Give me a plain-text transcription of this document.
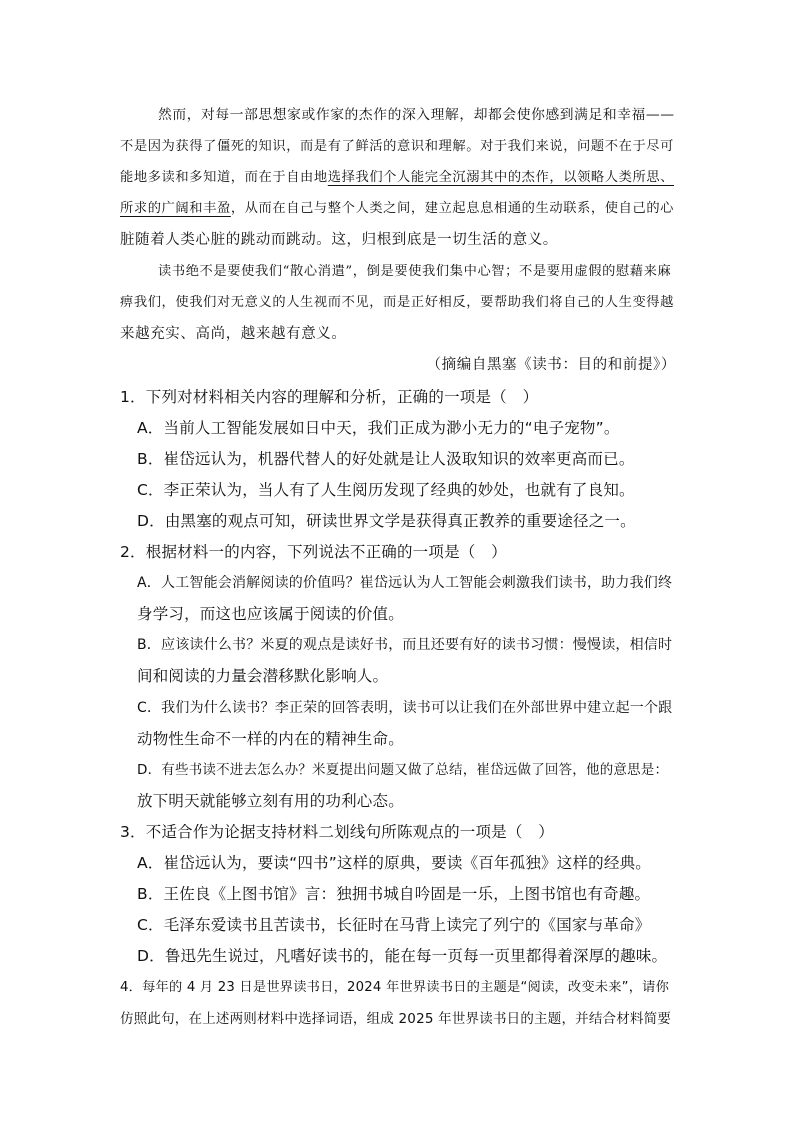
然而，对每一部思想家或作家的杰作的深入理解，却都会使你感到满足和幸福——
不是因为获得了僵死的知识，而是有了鲜活的意识和理解。对于我们来说，问题不在于尽可
能地多读和多知道，而在于自由地选择我们个人能完全沉溺其中的杰作，以领略人类所思、
所求的广阔和丰盈，从而在自己与整个人类之间，建立起息息相通的生动联系，使自己的心
脏随着人类心脏的跳动而跳动。这，归根到底是一切生活的意义。
读书绝不是要使我们“散心消遣”，倒是要使我们集中心智；不是要用虚假的慰藉来麻
痹我们，使我们对无意义的人生视而不见，而是正好相反，要帮助我们将自己的人生变得越
来越充实、高尚，越来越有意义。
（摘编自黑塞《读书：目的和前提》）
1．下列对材料相关内容的理解和分析，正确的一项是（　）
A．当前人工智能发展如日中天，我们正成为渺小无力的“电子宠物”。
B．崔岱远认为，机器代替人的好处就是让人汲取知识的效率更高而已。
C．李正荣认为，当人有了人生阅历发现了经典的妙处，也就有了良知。
D．由黑塞的观点可知，研读世界文学是获得真正教养的重要途径之一。
2．根据材料一的内容，下列说法不正确的一项是（　）
A．人工智能会消解阅读的价值吗？崔岱远认为人工智能会刺激我们读书，助力我们终
身学习，而这也应该属于阅读的价值。
B．应该读什么书？米夏的观点是读好书，而且还要有好的读书习惯：慢慢读，相信时
间和阅读的力量会潜移默化影响人。
C．我们为什么读书？李正荣的回答表明，读书可以让我们在外部世界中建立起一个跟
动物性生命不一样的内在的精神生命。
D．有些书读不进去怎么办？米夏提出问题又做了总结，崔岱远做了回答，他的意思是：
放下明天就能够立刻有用的功利心态。
3．不适合作为论据支持材料二划线句所陈观点的一项是（　）
A．崔岱远认为，要读“四书”这样的原典，要读《百年孤独》这样的经典。
B．王佐良《上图书馆》言：独拥书城自吟固是一乐，上图书馆也有奇趣。
C．毛泽东爱读书且苦读书，长征时在马背上读完了列宁的《国家与革命》
D．鲁迅先生说过，凡嗜好读书的，能在每一页每一页里都得着深厚的趣味。
4．每年的 4 月 23 日是世界读书日，2024 年世界读书日的主题是“阅读，改变未来”，请你
仿照此句，在上述两则材料中选择词语，组成 2025 年世界读书日的主题，并结合材料简要
